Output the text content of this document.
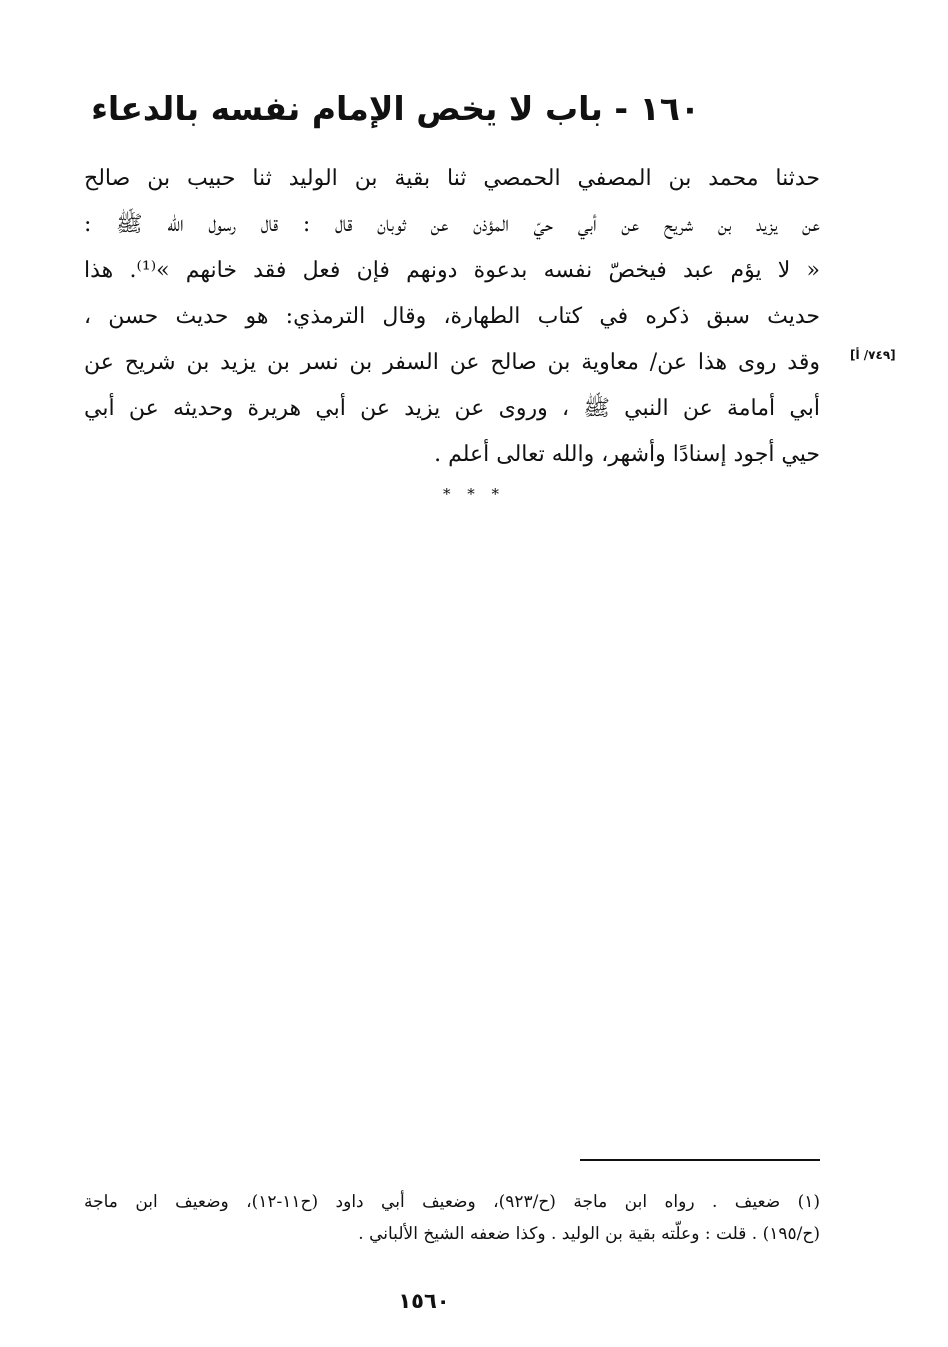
١٦٠ - باب لا يخص الإمام نفسه بالدعاء
حدثنا محمد بن المصفي الحمصي ثنا بقية بن الوليد ثنا حبيب بن صالح
عن يزيد بن شريح عن أبي حيّ المؤذن عن ثوبان قال : قال رسول الله ﷺ :
« لا يؤم عبد فيخصّ نفسه بدعوة دونهم فإن فعل فقد خانهم »⁽¹⁾. هذا
حديث سبق ذكره في كتاب الطهارة، وقال الترمذي: هو حديث حسن ،
وقد روى هذا عن/ معاوية بن صالح عن السفر بن نسر بن يزيد بن شريح عن
أبي أمامة عن النبي ﷺ ، وروى عن يزيد عن أبي هريرة وحديثه عن أبي
حيي أجود إسنادًا وأشهر، والله تعالى أعلم .
[٧٤٩/ أ]
* * *
(١) ضعيف . رواه ابن ماجة (ح/٩٢٣)، وضعيف أبي داود (ح١١-١٢)، وضعيف ابن ماجة
(ح/١٩٥) . قلت : وعلّته بقية بن الوليد . وكذا ضعفه الشيخ الألباني .
١٥٦٠
